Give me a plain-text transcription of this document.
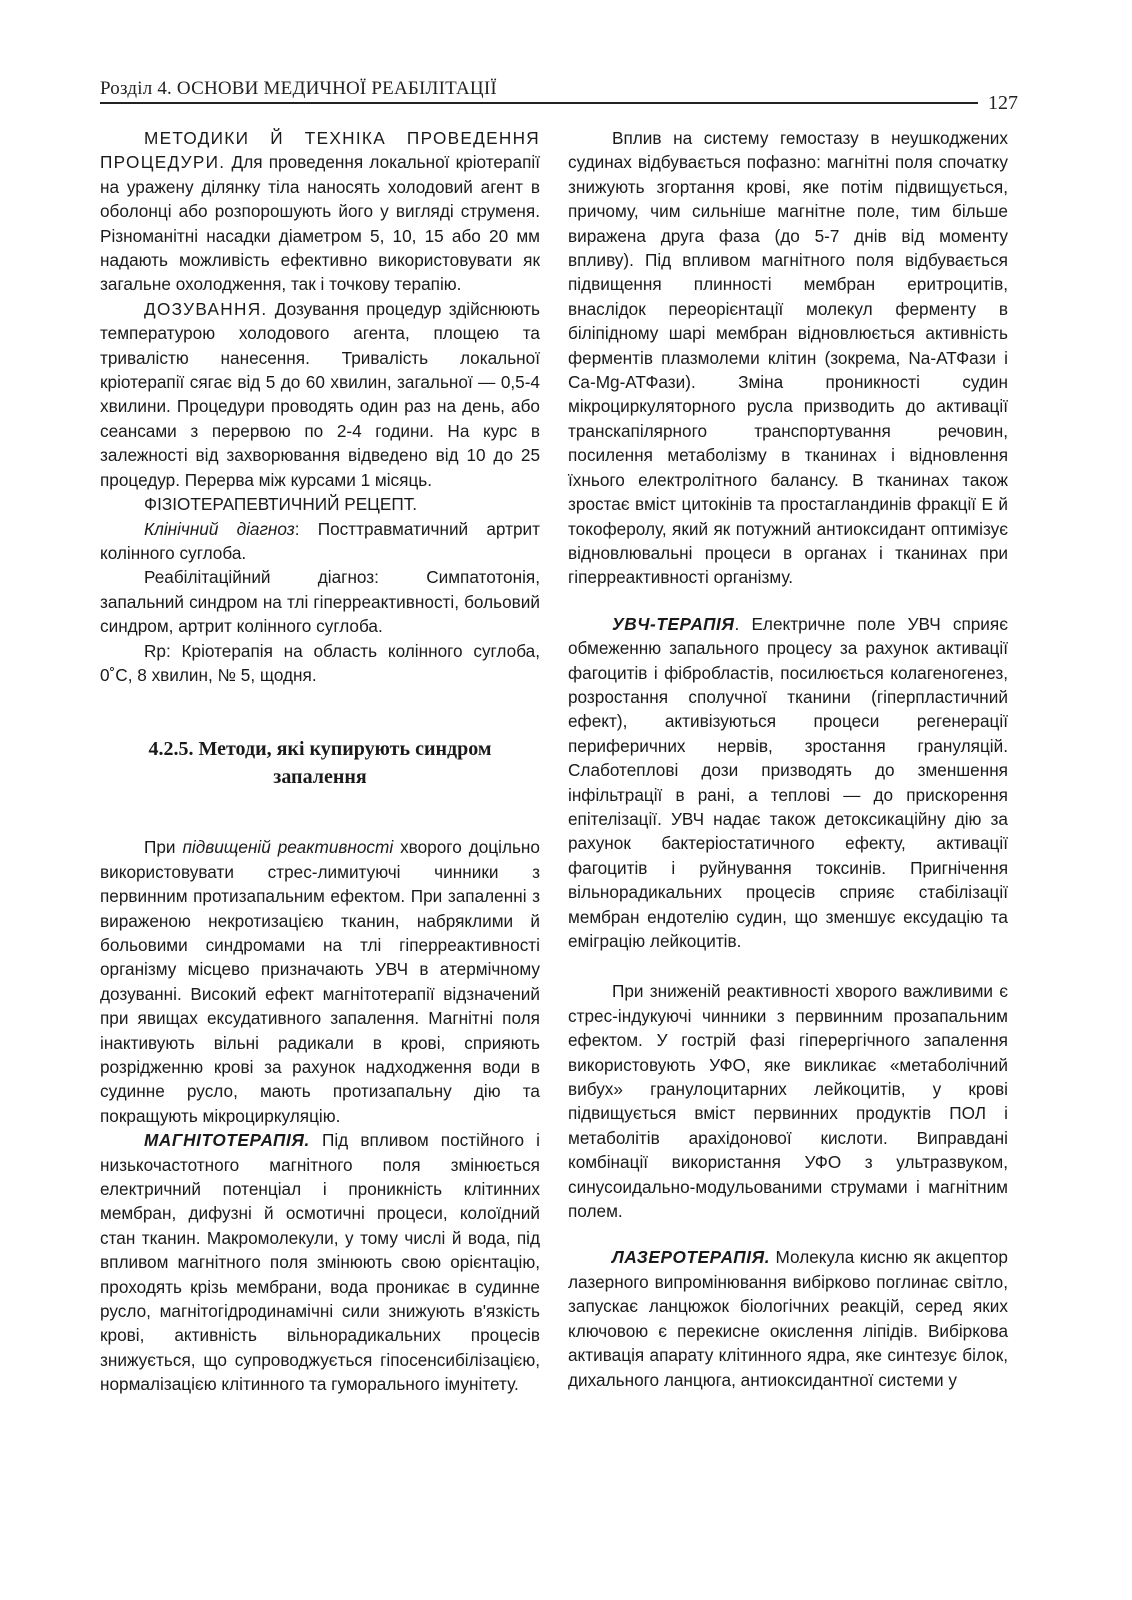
Розділ 4. ОСНОВИ МЕДИЧНОЇ РЕАБІЛІТАЦІЇ
127

МЕТОДИКИ Й ТЕХНІКА ПРОВЕДЕННЯ ПРОЦЕДУРИ. Для проведення локальної кріотерапії на уражену ділянку тіла наносять холодовий агент в оболонці або розпорошують його у вигляді струменя. Різноманітні насадки діаметром 5, 10, 15 або 20 мм надають можливість ефективно використовувати як загальне охолодження, так і точкову терапію.

ДОЗУВАННЯ. Дозування процедур здійснюють температурою холодового агента, площею та тривалістю нанесення. Тривалість локальної кріотерапії сягає від 5 до 60 хвилин, загальної — 0,5-4 хвилини. Процедури проводять один раз на день, або сеансами з перервою по 2-4 години. На курс в залежності від захворювання відведено від 10 до 25 процедур. Перерва між курсами 1 місяць.

ФІЗІОТЕРАПЕВТИЧНИЙ РЕЦЕПТ.

Клінічний діагноз: Посттравматичний артрит колінного суглоба.

Реабілітаційний діагноз: Симпатотонія, запальний синдром на тлі гіперреактивності, больовий синдром, артрит колінного суглоба.

Rp: Кріотерапія на область колінного суглоба, 0˚С, 8 хвилин, № 5, щодня.

4.2.5. Методи, які купирують синдром запалення

При підвищеній реактивності хворого доцільно використовувати стрес-лимитуючі чинники з первинним протизапальним ефектом. При запаленні з вираженою некротизацією тканин, набряклими й больовими синдромами на тлі гіперреактивності організму місцево призначають УВЧ в атермічному дозуванні. Високий ефект магнітотерапії відзначений при явищах ексудативного запалення. Магнітні поля інактивують вільні радикали в крові, сприяють розрідженню крові за рахунок надходження води в судинне русло, мають протизапальну дію та покращують мікроциркуляцію.

МАГНІТОТЕРАПІЯ. Під впливом постійного і низькочастотного магнітного поля змінюється електричний потенціал і проникність клітинних мембран, дифузні й осмотичні процеси, колоїдний стан тканин. Макромолекули, у тому числі й вода, під впливом магнітного поля змінюють свою орієнтацію, проходять крізь мембрани, вода проникає в судинне русло, магнітогідродинамічні сили знижують в'язкість крові, активність вільнорадикальних процесів знижується, що супроводжується гіпосенсибілізацією, нормалізацією клітинного та гуморального імунітету.

Вплив на систему гемостазу в неушкоджених судинах відбувається пофазно: магнітні поля спочатку знижують згортання крові, яке потім підвищується, причому, чим сильніше магнітне поле, тим більше виражена друга фаза (до 5-7 днів від моменту впливу). Під впливом магнітного поля відбувається підвищення плинності мембран еритроцитів, внаслідок переорієнтації молекул ферменту в біліпідному шарі мембран відновлюється активність ферментів плазмолеми клітин (зокрема, Na-АТФази і Ca-Mg-АТФази). Зміна проникності судин мікроциркуляторного русла призводить до активації транскапілярного транспортування речовин, посилення метаболізму в тканинах і відновлення їхнього електролітного балансу. В тканинах також зростає вміст цитокінів та простагландинів фракції Е й токоферолу, який як потужний антиоксидант оптимізує відновлювальні процеси в органах і тканинах при гіперреактивності організму.

УВЧ-ТЕРАПІЯ. Електричне поле УВЧ сприяє обмеженню запального процесу за рахунок активації фагоцитів і фібробластів, посилюється колагеногенез, розростання сполучної тканини (гіперпластичний ефект), активізуються процеси регенерації периферичних нервів, зростання грануляцій. Слаботеплові дози призводять до зменшення інфільтрації в рані, а теплові — до прискорення епітелізації. УВЧ надає також детоксикаційну дію за рахунок бактеріостатичного ефекту, активації фагоцитів і руйнування токсинів. Пригнічення вільнорадикальних процесів сприяє стабілізації мембран ендотелію судин, що зменшує ексудацію та еміграцію лейкоцитів.

При зниженій реактивності хворого важливими є стрес-індукуючі чинники з первинним прозапальним ефектом. У гострій фазі гіперергічного запалення використовують УФО, яке викликає «метаболічний вибух» гранулоцитарних лейкоцитів, у крові підвищується вміст первинних продуктів ПОЛ і метаболітів арахідонової кислоти. Виправдані комбінації використання УФО з ультразвуком, синусоидально-модульованими струмами і магнітним полем.

ЛАЗЕРОТЕРАПІЯ. Молекула кисню як акцептор лазерного випромінювання вибірково поглинає світло, запускає ланцюжок біологічних реакцій, серед яких ключовою є перекисне окислення ліпідів. Вибіркова активація апарату клітинного ядра, яке синтезує білок, дихального ланцюга, антиоксидантної системи у
